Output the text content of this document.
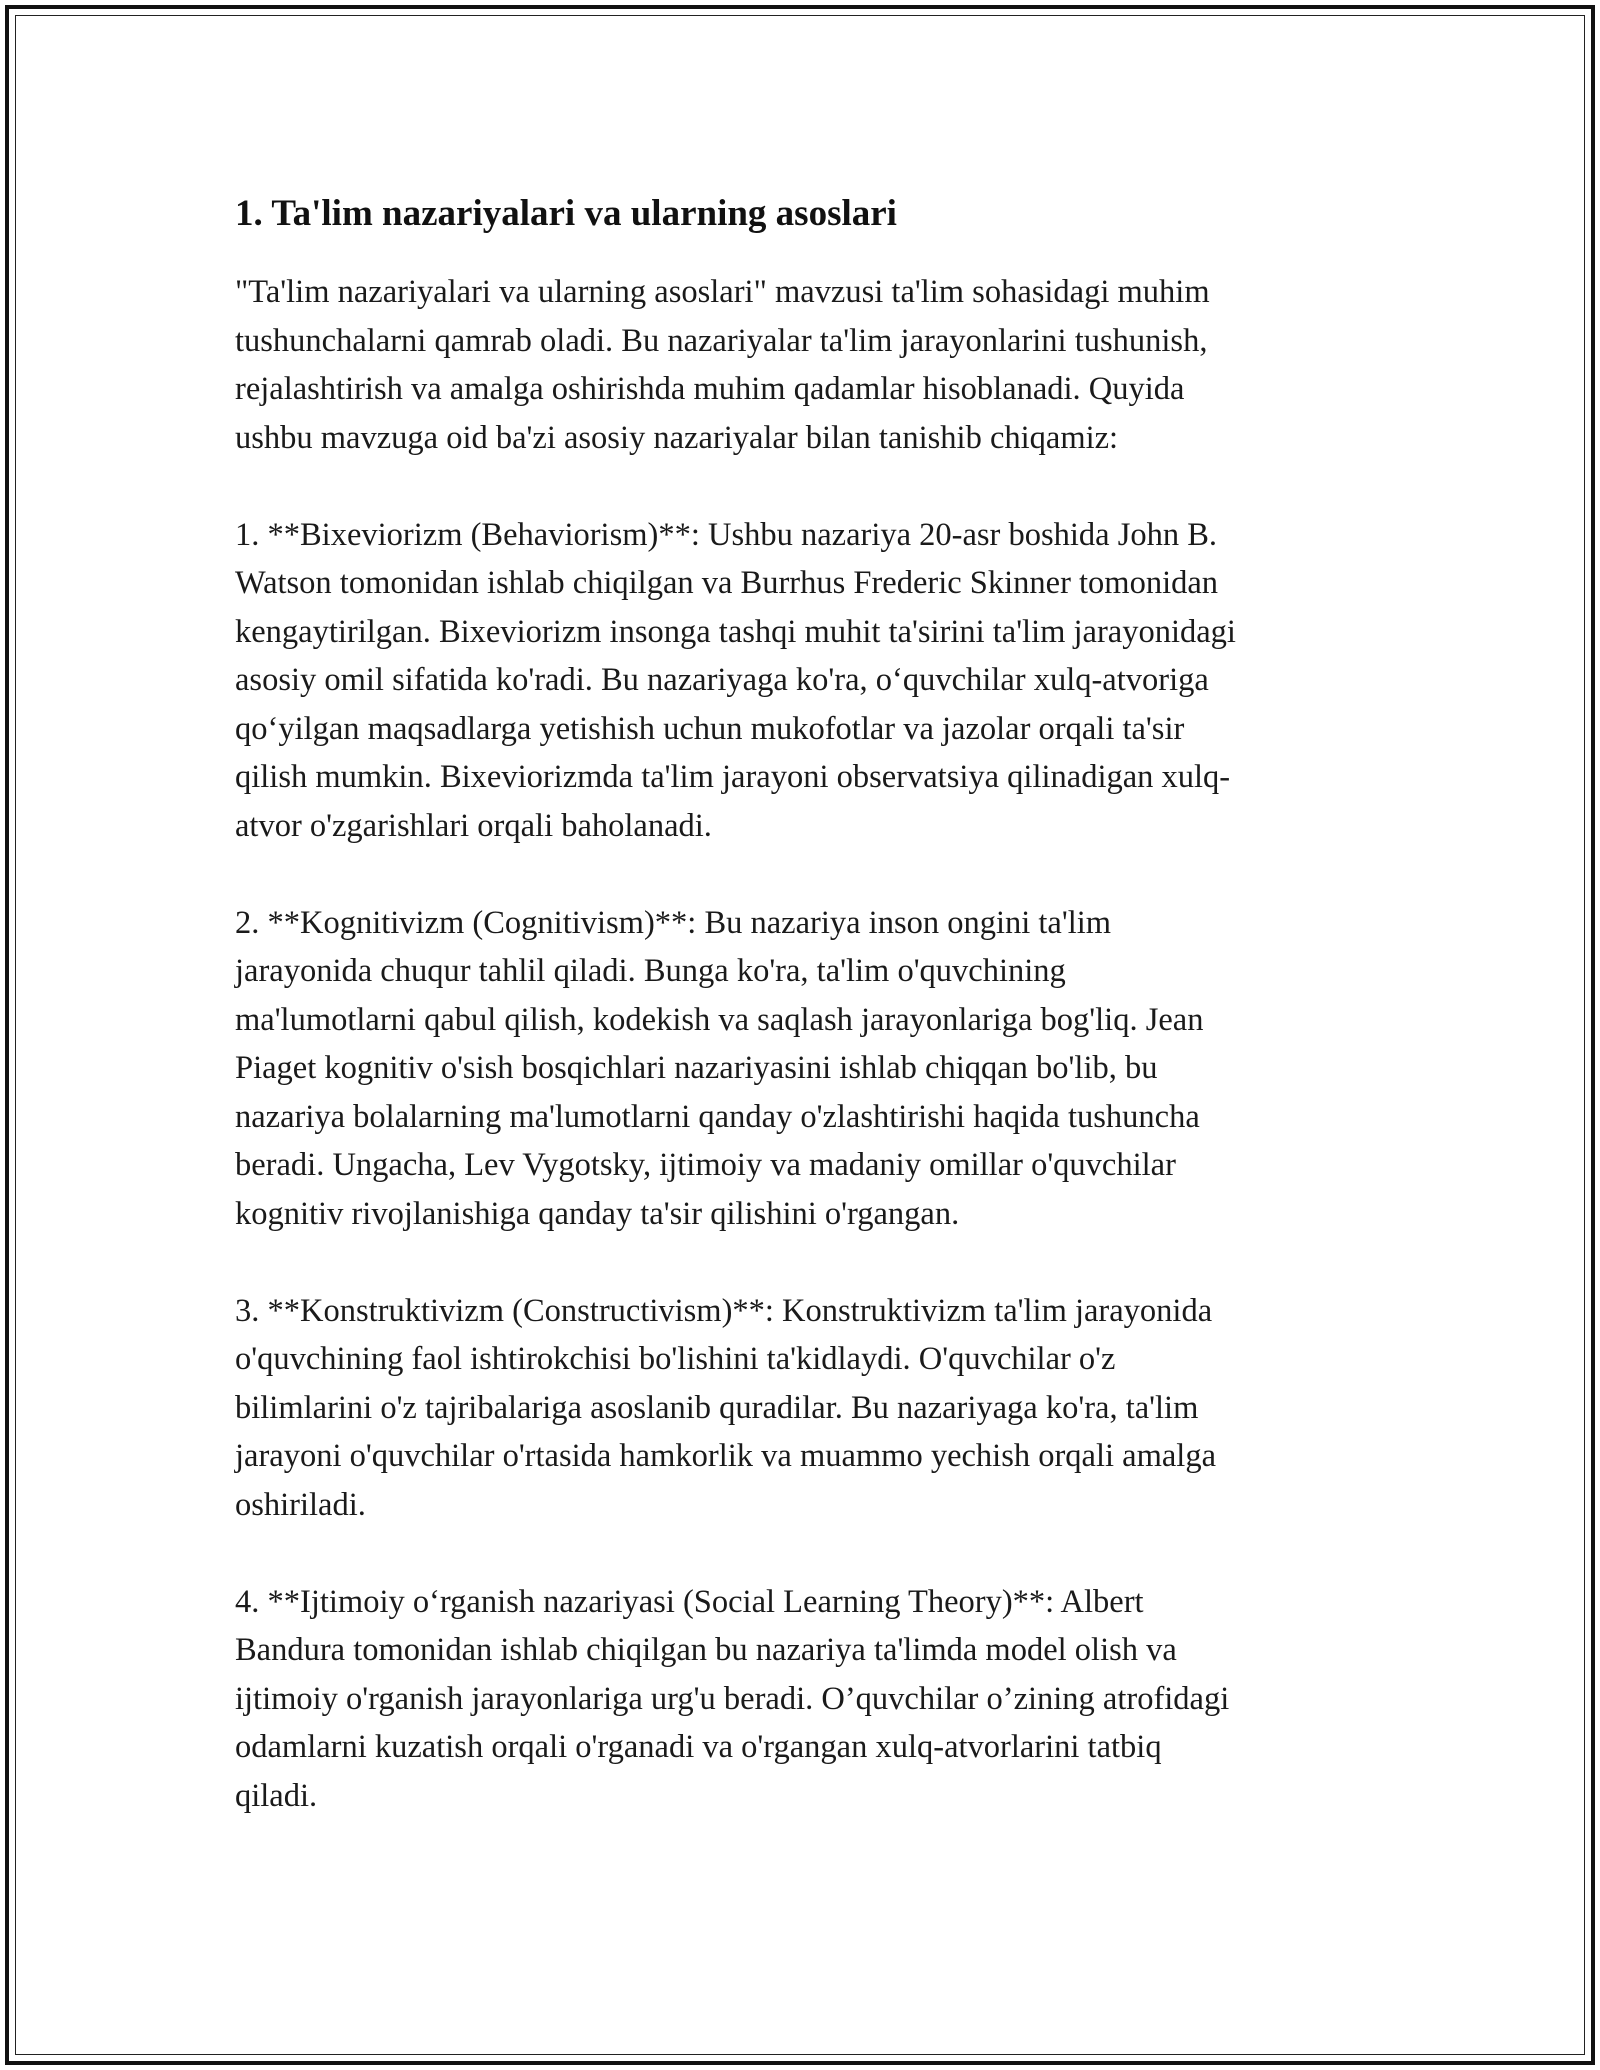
1. Ta'lim nazariyalari va ularning asoslari

"Ta'lim nazariyalari va ularning asoslari" mavzusi ta'lim sohasidagi muhim
tushunchalarni qamrab oladi. Bu nazariyalar ta'lim jarayonlarini tushunish,
rejalashtirish va amalga oshirishda muhim qadamlar hisoblanadi. Quyida
ushbu mavzuga oid ba'zi asosiy nazariyalar bilan tanishib chiqamiz:

1. **Bixeviorizm (Behaviorism)**: Ushbu nazariya 20-asr boshida John B.
Watson tomonidan ishlab chiqilgan va Burrhus Frederic Skinner tomonidan
kengaytirilgan. Bixeviorizm insonga tashqi muhit ta'sirini ta'lim jarayonidagi
asosiy omil sifatida ko'radi. Bu nazariyaga ko'ra, o‘quvchilar xulq-atvoriga
qo‘yilgan maqsadlarga yetishish uchun mukofotlar va jazolar orqali ta'sir
qilish mumkin. Bixeviorizmda ta'lim jarayoni observatsiya qilinadigan xulq-
atvor o'zgarishlari orqali baholanadi.

2. **Kognitivizm (Cognitivism)**: Bu nazariya inson ongini ta'lim
jarayonida chuqur tahlil qiladi. Bunga ko'ra, ta'lim o'quvchining
ma'lumotlarni qabul qilish, kodekish va saqlash jarayonlariga bog'liq. Jean
Piaget kognitiv o'sish bosqichlari nazariyasini ishlab chiqqan bo'lib, bu
nazariya bolalarning ma'lumotlarni qanday o'zlashtirishi haqida tushuncha
beradi. Ungacha, Lev Vygotsky, ijtimoiy va madaniy omillar o'quvchilar
kognitiv rivojlanishiga qanday ta'sir qilishini o'rgangan.

3. **Konstruktivizm (Constructivism)**: Konstruktivizm ta'lim jarayonida
o'quvchining faol ishtirokchisi bo'lishini ta'kidlaydi. O'quvchilar o'z
bilimlarini o'z tajribalariga asoslanib quradilar. Bu nazariyaga ko'ra, ta'lim
jarayoni o'quvchilar o'rtasida hamkorlik va muammo yechish orqali amalga
oshiriladi.

4. **Ijtimoiy o‘rganish nazariyasi (Social Learning Theory)**: Albert
Bandura tomonidan ishlab chiqilgan bu nazariya ta'limda model olish va
ijtimoiy o'rganish jarayonlariga urg'u beradi. O’quvchilar o’zining atrofidagi
odamlarni kuzatish orqali o'rganadi va o'rgangan xulq-atvorlarini tatbiq
qiladi.
